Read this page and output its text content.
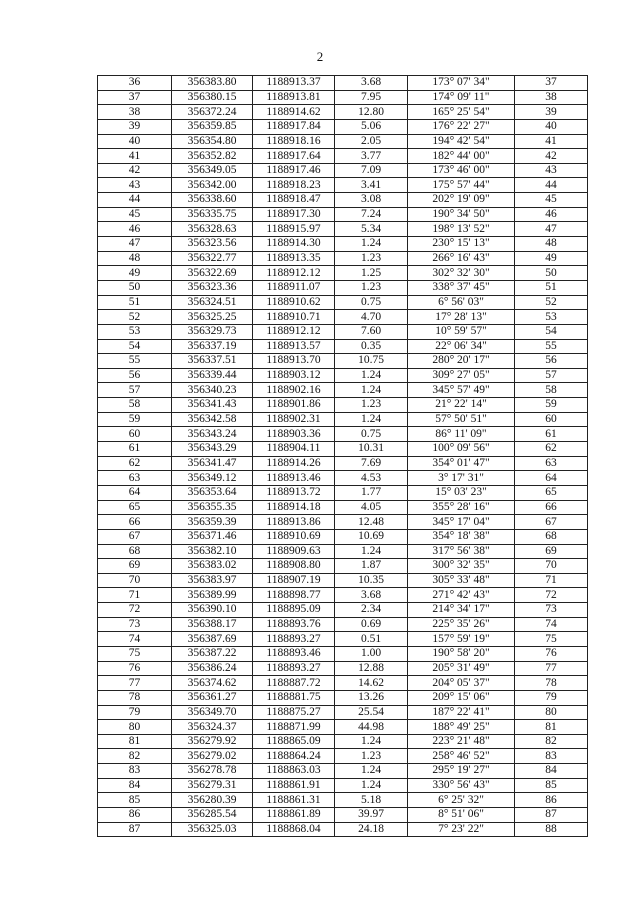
2
36	356383.80	1188913.37	3.68	173° 07' 34"	37
37	356380.15	1188913.81	7.95	174° 09' 11"	38
38	356372.24	1188914.62	12.80	165° 25' 54"	39
39	356359.85	1188917.84	5.06	176° 22' 27"	40
40	356354.80	1188918.16	2.05	194° 42' 54"	41
41	356352.82	1188917.64	3.77	182° 44' 00"	42
42	356349.05	1188917.46	7.09	173° 46' 00"	43
43	356342.00	1188918.23	3.41	175° 57' 44"	44
44	356338.60	1188918.47	3.08	202° 19' 09"	45
45	356335.75	1188917.30	7.24	190° 34' 50"	46
46	356328.63	1188915.97	5.34	198° 13' 52"	47
47	356323.56	1188914.30	1.24	230° 15' 13"	48
48	356322.77	1188913.35	1.23	266° 16' 43"	49
49	356322.69	1188912.12	1.25	302° 32' 30"	50
50	356323.36	1188911.07	1.23	338° 37' 45"	51
51	356324.51	1188910.62	0.75	6° 56' 03"	52
52	356325.25	1188910.71	4.70	17° 28' 13"	53
53	356329.73	1188912.12	7.60	10° 59' 57"	54
54	356337.19	1188913.57	0.35	22° 06' 34"	55
55	356337.51	1188913.70	10.75	280° 20' 17"	56
56	356339.44	1188903.12	1.24	309° 27' 05"	57
57	356340.23	1188902.16	1.24	345° 57' 49"	58
58	356341.43	1188901.86	1.23	21° 22' 14"	59
59	356342.58	1188902.31	1.24	57° 50' 51"	60
60	356343.24	1188903.36	0.75	86° 11' 09"	61
61	356343.29	1188904.11	10.31	100° 09' 56"	62
62	356341.47	1188914.26	7.69	354° 01' 47"	63
63	356349.12	1188913.46	4.53	3° 17' 31"	64
64	356353.64	1188913.72	1.77	15° 03' 23"	65
65	356355.35	1188914.18	4.05	355° 28' 16"	66
66	356359.39	1188913.86	12.48	345° 17' 04"	67
67	356371.46	1188910.69	10.69	354° 18' 38"	68
68	356382.10	1188909.63	1.24	317° 56' 38"	69
69	356383.02	1188908.80	1.87	300° 32' 35"	70
70	356383.97	1188907.19	10.35	305° 33' 48"	71
71	356389.99	1188898.77	3.68	271° 42' 43"	72
72	356390.10	1188895.09	2.34	214° 34' 17"	73
73	356388.17	1188893.76	0.69	225° 35' 26"	74
74	356387.69	1188893.27	0.51	157° 59' 19"	75
75	356387.22	1188893.46	1.00	190° 58' 20"	76
76	356386.24	1188893.27	12.88	205° 31' 49"	77
77	356374.62	1188887.72	14.62	204° 05' 37"	78
78	356361.27	1188881.75	13.26	209° 15' 06"	79
79	356349.70	1188875.27	25.54	187° 22' 41"	80
80	356324.37	1188871.99	44.98	188° 49' 25"	81
81	356279.92	1188865.09	1.24	223° 21' 48"	82
82	356279.02	1188864.24	1.23	258° 46' 52"	83
83	356278.78	1188863.03	1.24	295° 19' 27"	84
84	356279.31	1188861.91	1.24	330° 56' 43"	85
85	356280.39	1188861.31	5.18	6° 25' 32"	86
86	356285.54	1188861.89	39.97	8° 51' 06"	87
87	356325.03	1188868.04	24.18	7° 23' 22"	88
